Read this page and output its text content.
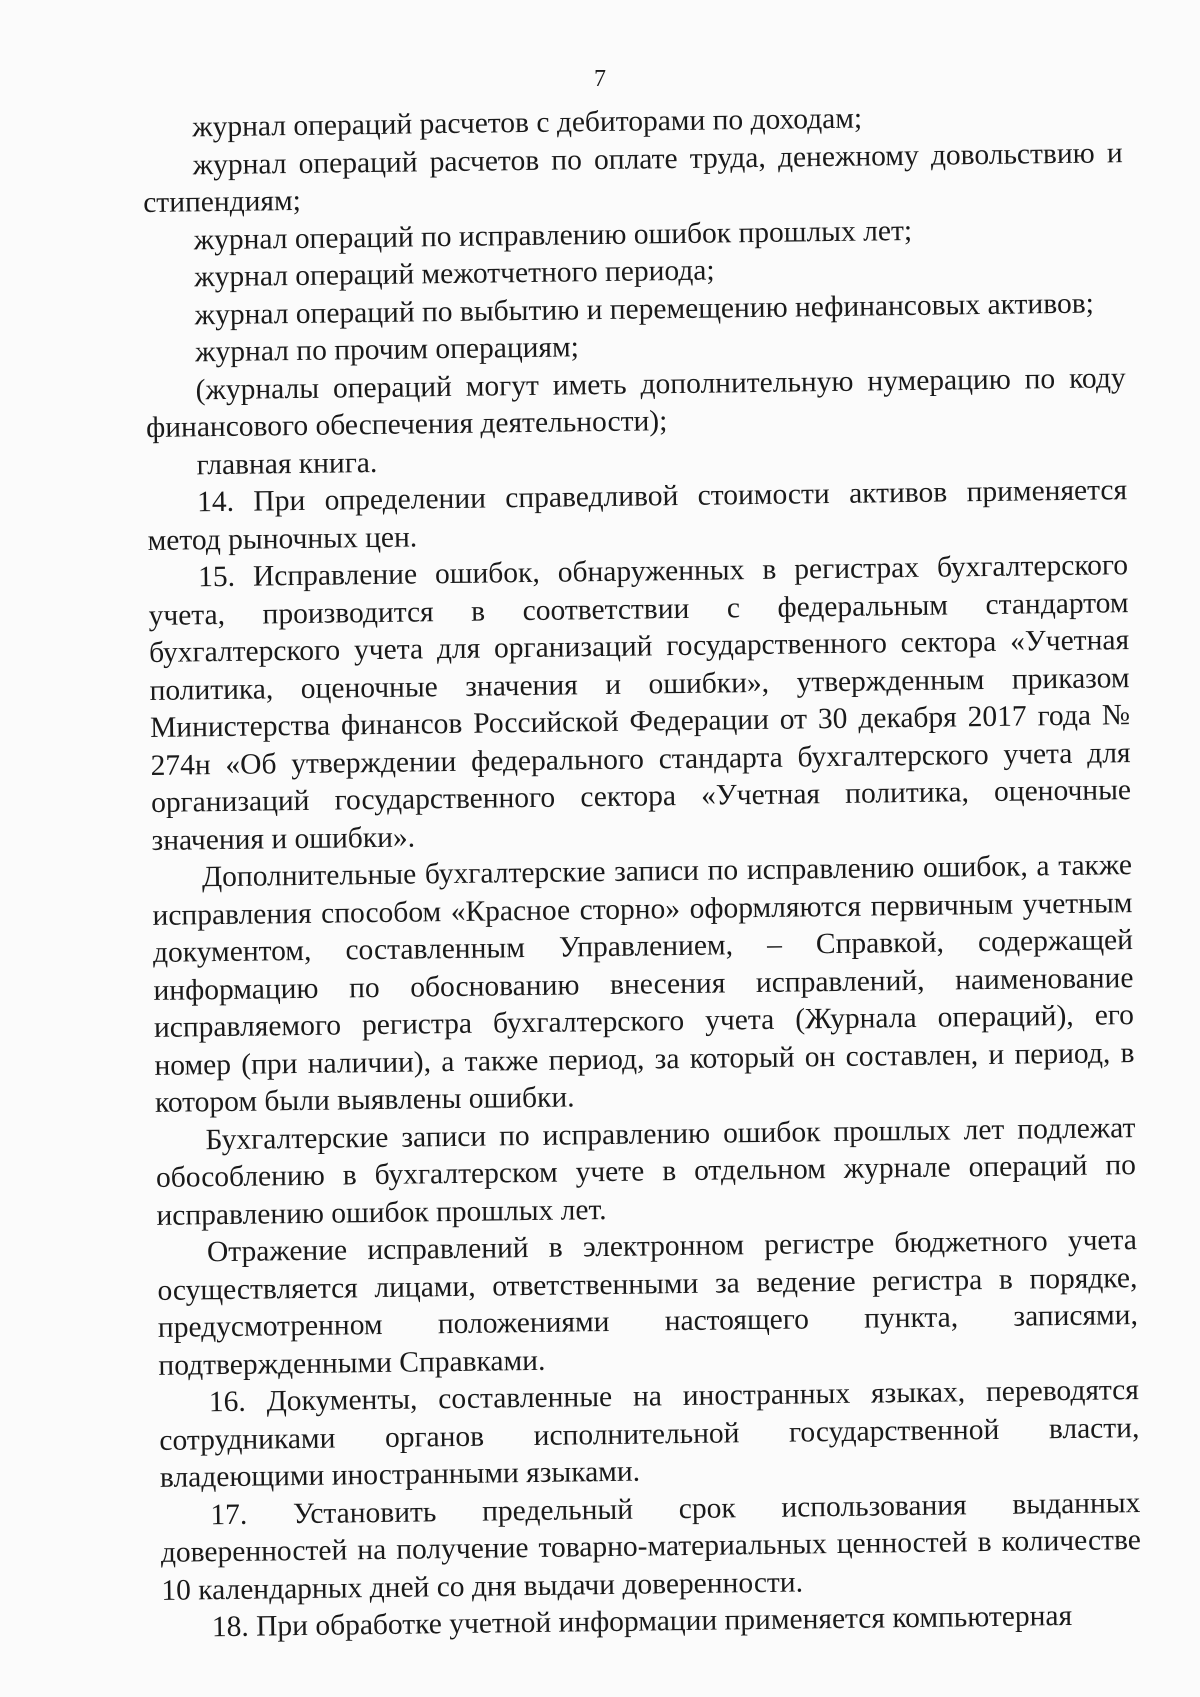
7

журнал операций расчетов с дебиторами по доходам;

журнал операций расчетов по оплате труда, денежному довольствию и стипендиям;

журнал операций по исправлению ошибок прошлых лет;

журнал операций межотчетного периода;

журнал операций по выбытию и перемещению нефинансовых активов;

журнал по прочим операциям;

(журналы операций могут иметь дополнительную нумерацию по коду финансового обеспечения деятельности);

главная книга.

14. При определении справедливой стоимости активов применяется метод рыночных цен.

15. Исправление ошибок, обнаруженных в регистрах бухгалтерского учета, производится в соответствии с федеральным стандартом бухгалтерского учета для организаций государственного сектора «Учетная политика, оценочные значения и ошибки», утвержденным приказом Министерства финансов Российской Федерации от 30 декабря 2017 года № 274н «Об утверждении федерального стандарта бухгалтерского учета для организаций государственного сектора «Учетная политика, оценочные значения и ошибки».

Дополнительные бухгалтерские записи по исправлению ошибок, а также исправления способом «Красное сторно» оформляются первичным учетным документом, составленным Управлением, – Справкой, содержащей информацию по обоснованию внесения исправлений, наименование исправляемого регистра бухгалтерского учета (Журнала операций), его номер (при наличии), а также период, за который он составлен, и период, в котором были выявлены ошибки.

Бухгалтерские записи по исправлению ошибок прошлых лет подлежат обособлению в бухгалтерском учете в отдельном журнале операций по исправлению ошибок прошлых лет.

Отражение исправлений в электронном регистре бюджетного учета осуществляется лицами, ответственными за ведение регистра в порядке, предусмотренном положениями настоящего пункта, записями, подтвержденными Справками.

16. Документы, составленные на иностранных языках, переводятся сотрудниками органов исполнительной государственной власти, владеющими иностранными языками.

17. Установить предельный срок использования выданных доверенностей на получение товарно-материальных ценностей в количестве 10 календарных дней со дня выдачи доверенности.

18. При обработке учетной информации применяется компьютерная
